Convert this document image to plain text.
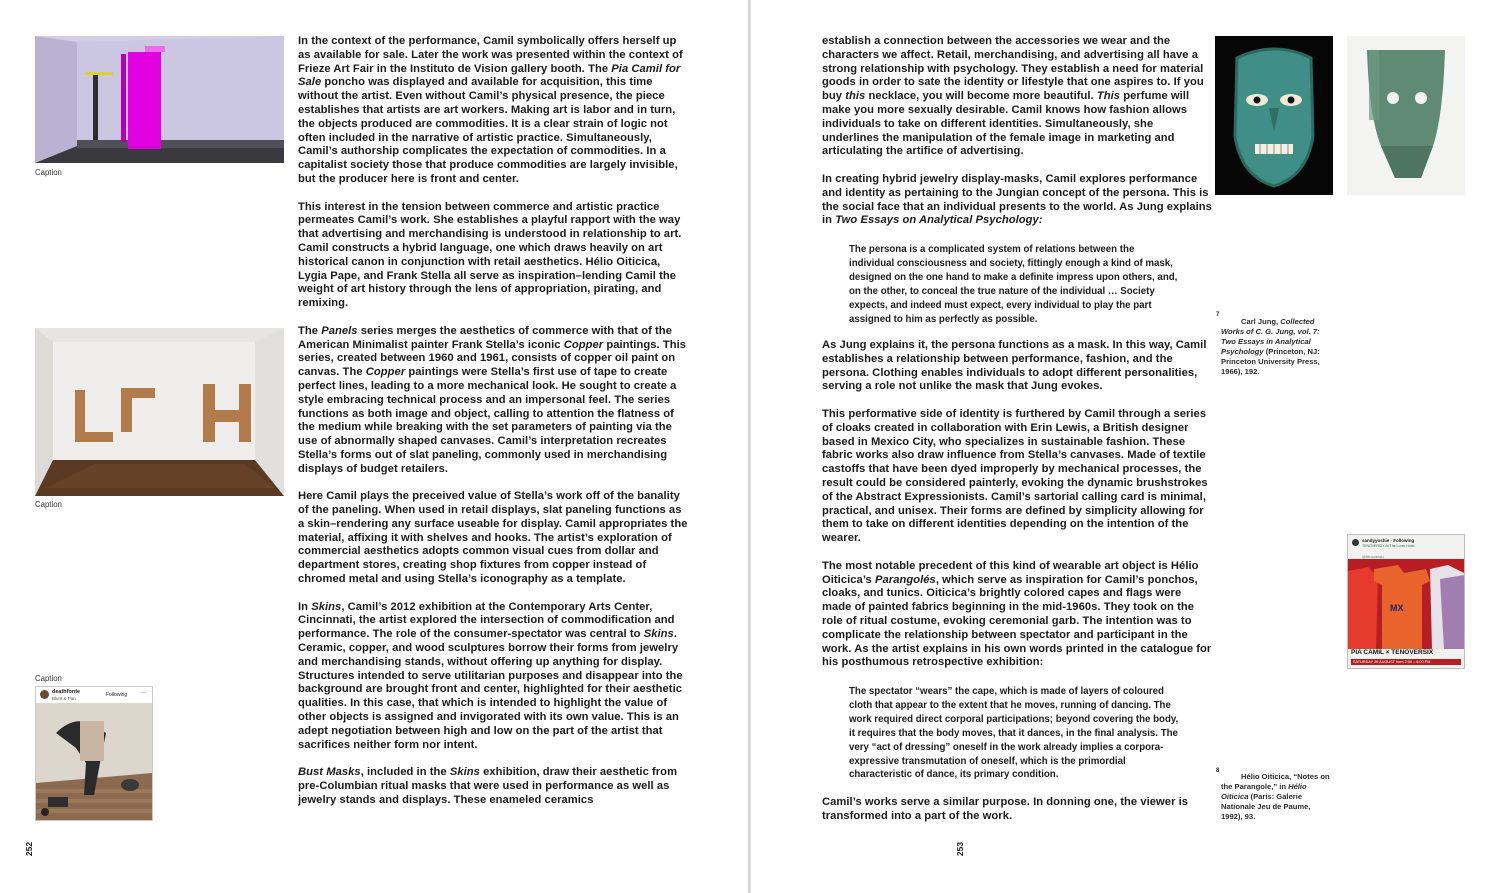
Caption
Caption
Caption
deathfonte
Blunt & Pan
Following ···

In the context of the performance, Camil symbolically offers herself up as available for sale. Later the work was presented within the context of Frieze Art Fair in the Instituto de Vision gallery booth. The Pia Camil for Sale poncho was displayed and available for acquisition, this time without the artist. Even without Camil’s physical presence, the piece establishes that artists are art workers. Making art is labor and in turn, the objects produced are commodities. It is a clear strain of logic not often included in the narrative of artistic practice. Simultaneously, Camil’s authorship complicates the expectation of commodities. In a capitalist society those that produce commodities are largely invisible, but the producer here is front and center.

This interest in the tension between commerce and artistic practice permeates Camil’s work. She establishes a playful rapport with the way that advertising and merchandising is understood in relationship to art. Camil constructs a hybrid language, one which draws heavily on art historical canon in conjunction with retail aesthetics. Hélio Oiticica, Lygia Pape, and Frank Stella all serve as inspiration–lending Camil the weight of art history through the lens of appropriation, pirating, and remixing.

The Panels series merges the aesthetics of commerce with that of the American Minimalist painter Frank Stella’s iconic Copper paintings. This series, created between 1960 and 1961, consists of copper oil paint on canvas. The Copper paintings were Stella’s first use of tape to create perfect lines, leading to a more mechanical look. He sought to create a style embracing technical process and an impersonal feel. The series functions as both image and object, calling to attention the flatness of the medium while breaking with the set parameters of painting via the use of abnormally shaped canvases. Camil’s interpretation recreates Stella’s forms out of slat paneling, commonly used in merchandising displays of budget retailers.

Here Camil plays the preceived value of Stella’s work off of the banality of the paneling. When used in retail displays, slat paneling functions as a skin–rendering any surface useable for display. Camil appropriates the material, affixing it with shelves and hooks. The artist’s exploration of commercial aesthetics adopts common visual cues from dollar and department stores, creating shop fixtures from copper instead of chromed metal and using Stella’s iconography as a template.

In Skins, Camil’s 2012 exhibition at the Contemporary Arts Center, Cincinnati, the artist explored the intersection of commodification and performance. The role of the consumer-spectator was central to Skins. Ceramic, copper, and wood sculptures borrow their forms from jewelry and merchandising stands, without offering up anything for display. Structures intended to serve utilitarian purposes and disappear into the background are brought front and center, highlighted for their aesthetic qualities. In this case, that which is intended to highlight the value of other objects is assigned and invigorated with its own value. This is an adept negotiation between high and low on the part of the artist that sacrifices neither form nor intent.

Bust Masks, included in the Skins exhibition, draw their aesthetic from pre-Columbian ritual masks that were used in performance as well as jewelry stands and displays. These enameled ceramics

252

establish a connection between the accessories we wear and the characters we affect. Retail, merchandising, and advertising all have a strong relationship with psychology. They establish a need for material goods in order to sate the identity or lifestyle that one aspires to. If you buy this necklace, you will become more beautiful. This perfume will make you more sexually desirable. Camil knows how fashion allows individuals to take on different identities. Simultaneously, she underlines the manipulation of the female image in marketing and articulating the artifice of advertising.

In creating hybrid jewelry display-masks, Camil explores performance and identity as pertaining to the Jungian concept of the persona. This is the social face that an individual presents to the world. As Jung explains in Two Essays on Analytical Psychology:

The persona is a complicated system of relations between the individual consciousness and society, fittingly enough a kind of mask, designed on the one hand to make a definite impress upon others, and, on the other, to conceal the true nature of the individual … Society expects, and indeed must expect, every individual to play the part assigned to him as perfectly as possible.

As Jung explains it, the persona functions as a mask. In this way, Camil establishes a relationship between performance, fashion, and the persona. Clothing enables individuals to adopt different personalities, serving a role not unlike the mask that Jung evokes.

This performative side of identity is furthered by Camil through a series of cloaks created in collaboration with Erin Lewis, a British designer based in Mexico City, who specializes in sustainable fashion. These fabric works also draw influence from Stella’s canvases. Made of textile castoffs that have been dyed improperly by mechanical processes, the result could be considered painterly, evoking the dynamic brushstrokes of the Abstract Expressionists. Camil’s sartorial calling card is minimal, practical, and unisex. Their forms are defined by simplicity allowing for them to take on different identities depending on the intention of the wearer.

The most notable precedent of this kind of wearable art object is Hélio Oiticica’s Parangolés, which serve as inspiration for Camil’s ponchos, cloaks, and tunics. Oiticica’s brightly colored capes and flags were made of painted fabrics beginning in the mid-1960s. They took on the role of ritual costume, evoking ceremonial garb. The intention was to complicate the relationship between spectator and participant in the work. As the artist explains in his own words printed in the catalogue for his posthumous retrospective exhibition:

The spectator “wears” the cape, which is made of layers of coloured cloth that appear to the extent that he moves, running of dancing. The work required direct corporal participations; beyond covering the body, it requires that the body moves, that it dances, in the final analysis. The very “act of dressing” oneself in the work already implies a corpora-expressive transmutation of oneself, which is the primordial characteristic of dance, its primary condition.

Camil’s works serve a similar purpose. In donning one, the viewer is transformed into a part of the work.

7
Carl Jung, Collected Works of C. G. Jung, vol. 7: Two Essays in Analytical Psychology (Princeton, NJ: Princeton University Press, 1966), 192.
sandyyoshie · Following
TENOVERSIX At The Loom Hotel
@tenoversix
MX
PIA CAMIL × TENOVERSIX
SATURDAY 26 AUGUST from 2:00 – 6:00 PM
8
Hélio Oiticica, “Notes on the Parangole,” in Hélio Oiticica (Paris: Galerie Nationale Jeu de Paume, 1992), 93.
253
